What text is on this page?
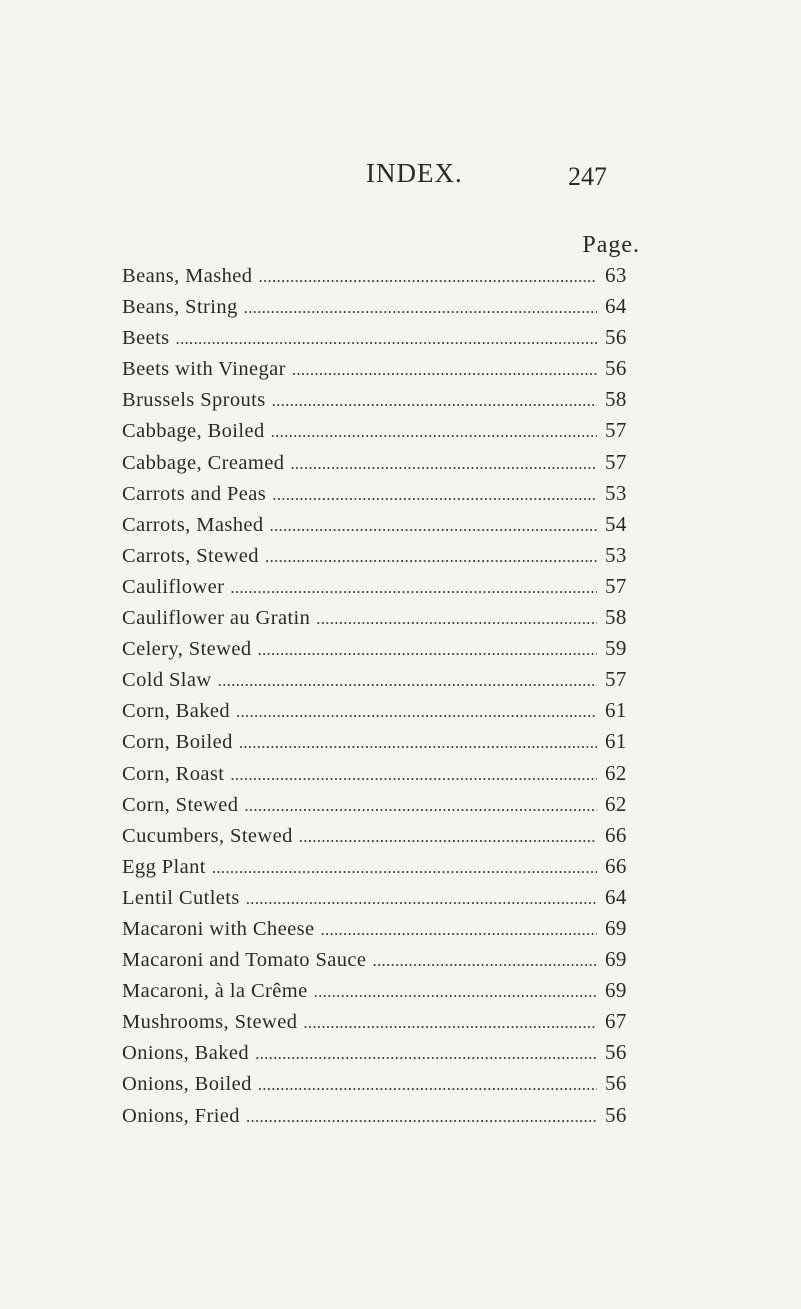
INDEX.	247
Page.
Beans, Mashed . . .	63
Beans, String . . .	64
Beets . . .	56
Beets with Vinegar . . .	56
Brussels Sprouts . . .	58
Cabbage, Boiled . . .	57
Cabbage, Creamed . . .	57
Carrots and Peas . . .	53
Carrots, Mashed . . .	54
Carrots, Stewed . . .	53
Cauliflower . . .	57
Cauliflower au Gratin . . .	58
Celery, Stewed . . .	59
Cold Slaw . . .	57
Corn, Baked . . .	61
Corn, Boiled . . .	61
Corn, Roast . . .	62
Corn, Stewed . . .	62
Cucumbers, Stewed . . .	66
Egg Plant . . .	66
Lentil Cutlets . . .	64
Macaroni with Cheese . . .	69
Macaroni and Tomato Sauce . . .	69
Macaroni, à la Crême . . .	69
Mushrooms, Stewed . . .	67
Onions, Baked . . .	56
Onions, Boiled . . .	56
Onions, Fried . . .	56
